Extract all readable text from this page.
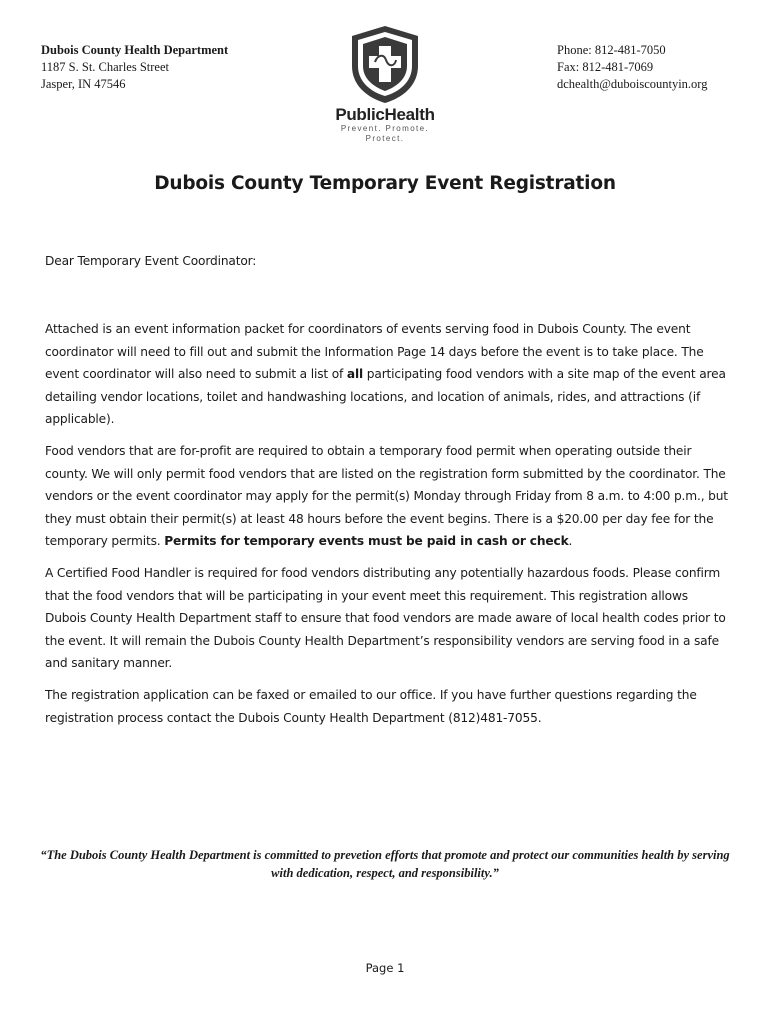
Dubois County Health Department
1187 S. St. Charles Street
Jasper, IN 47546
PublicHealth
Prevent. Promote. Protect.
Phone: 812-481-7050
Fax: 812-481-7069
dchealth@duboiscountyin.org
Dubois County Temporary Event Registration
Dear Temporary Event Coordinator:

Attached is an event information packet for coordinators of events serving food in Dubois County. The event coordinator will need to fill out and submit the Information Page 14 days before the event is to take place. The event coordinator will also need to submit a list of all participating food vendors with a site map of the event area detailing vendor locations, toilet and handwashing locations, and location of animals, rides, and attractions (if applicable).

Food vendors that are for-profit are required to obtain a temporary food permit when operating outside their county. We will only permit food vendors that are listed on the registration form submitted by the coordinator. The vendors or the event coordinator may apply for the permit(s) Monday through Friday from 8 a.m. to 4:00 p.m., but they must obtain their permit(s) at least 48 hours before the event begins. There is a $20.00 per day fee for the temporary permits. Permits for temporary events must be paid in cash or check.

A Certified Food Handler is required for food vendors distributing any potentially hazardous foods. Please confirm that the food vendors that will be participating in your event meet this requirement. This registration allows Dubois County Health Department staff to ensure that food vendors are made aware of local health codes prior to the event. It will remain the Dubois County Health Department’s responsibility vendors are serving food in a safe and sanitary manner.

The registration application can be faxed or emailed to our office. If you have further questions regarding the registration process contact the Dubois County Health Department (812)481-7055.

“The Dubois County Health Department is committed to prevetion efforts that promote and protect our communities health by serving with dedication, respect, and responsibility.”
Page 1
